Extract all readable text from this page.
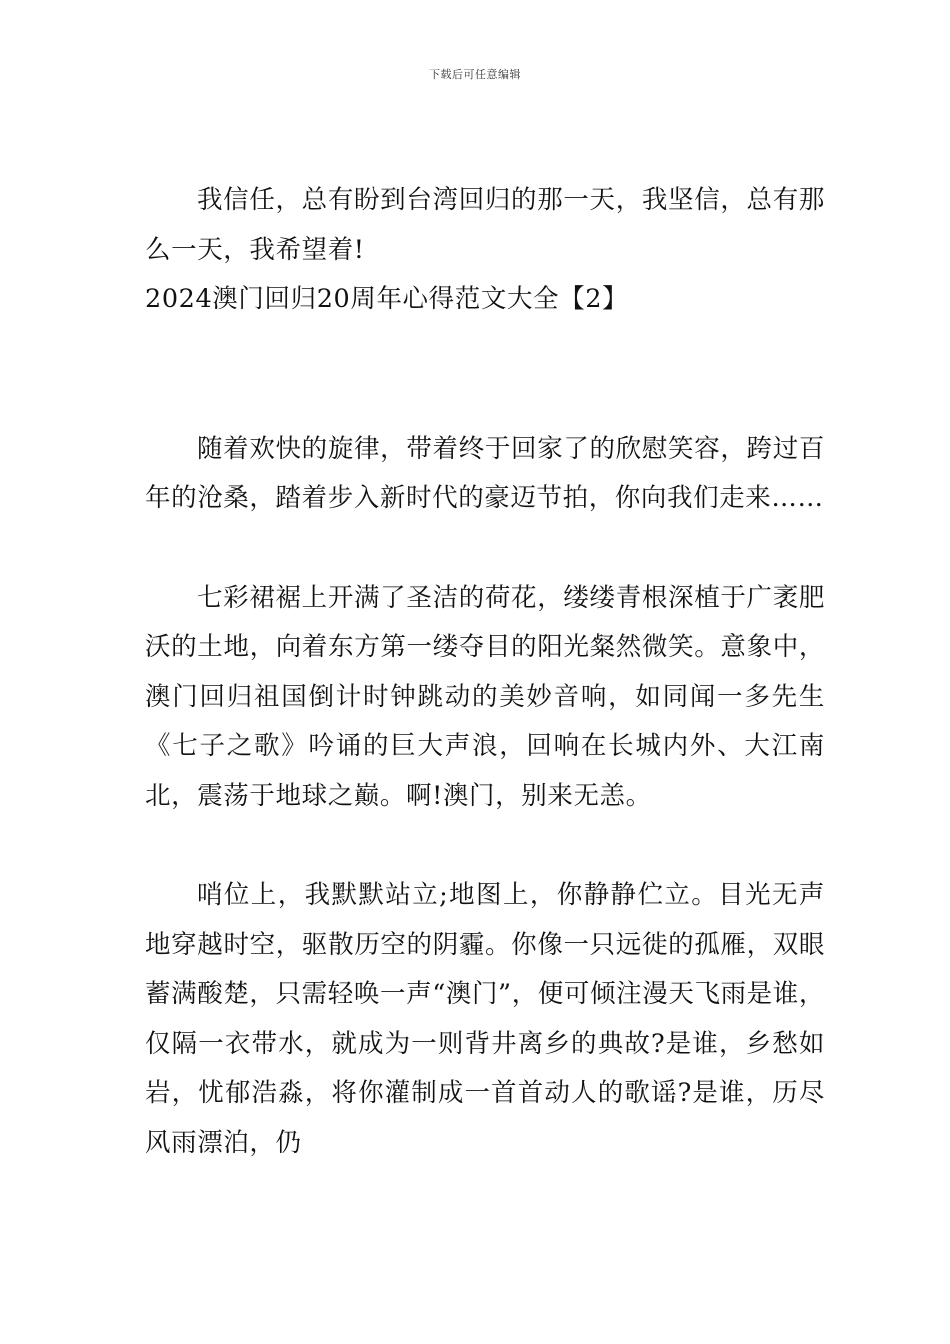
下载后可任意编辑

我信任，总有盼到台湾回归的那一天，我坚信，总有那么一天，我希望着!

2024澳门回归20周年心得范文大全【2】

随着欢快的旋律，带着终于回家了的欣慰笑容，跨过百年的沧桑，踏着步入新时代的豪迈节拍，你向我们走来……

七彩裙裾上开满了圣洁的荷花，缕缕青根深植于广袤肥沃的土地，向着东方第一缕夺目的阳光粲然微笑。意象中，澳门回归祖国倒计时钟跳动的美妙音响，如同闻一多先生《七子之歌》吟诵的巨大声浪，回响在长城内外、大江南北，震荡于地球之巅。啊!澳门，别来无恙。

哨位上，我默默站立;地图上，你静静伫立。目光无声地穿越时空，驱散历空的阴霾。你像一只远徙的孤雁，双眼蓄满酸楚，只需轻唤一声“澳门”，便可倾注漫天飞雨是谁，仅隔一衣带水，就成为一则背井离乡的典故?是谁，乡愁如岩，忧郁浩淼，将你灌制成一首首动人的歌谣?是谁，历尽风雨漂泊，仍
